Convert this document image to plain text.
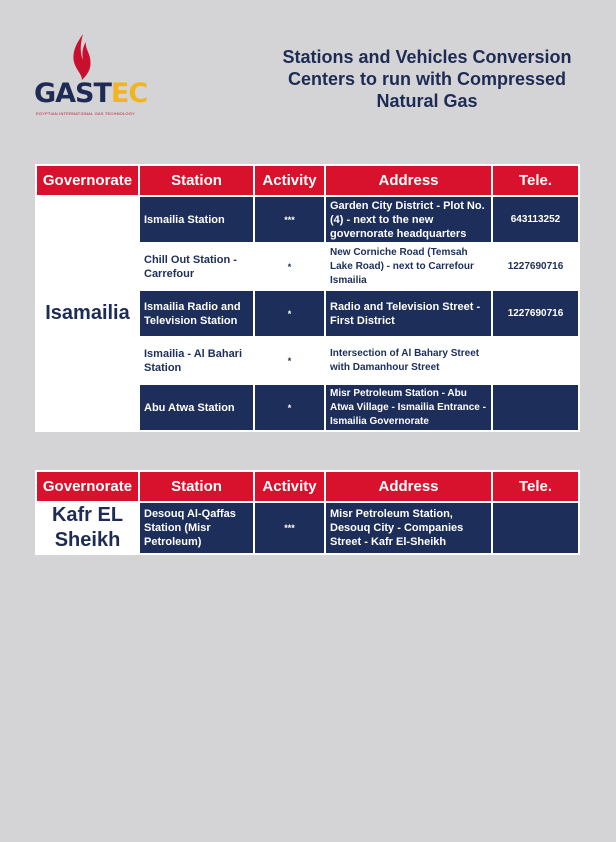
GASTEC
EGYPTIAN INTERNATIONAL GAS TECHNOLOGY
Stations and Vehicles Conversion
Centers to run with Compressed
Natural Gas
Governorate	Station	Activity	Address	Tele.
Isamailia	Ismailia Station	***	Garden City District - Plot No. (4) - next to the new governorate headquarters	643113252
	Chill Out Station - Carrefour	*	New Corniche Road (Temsah Lake Road) - next to Carrefour Ismailia	1227690716
	Ismailia Radio and Television Station	*	Radio and Television Street - First District	1227690716
	Ismailia - Al Bahari Station	*	Intersection of Al Bahary Street with Damanhour Street	
	Abu Atwa Station	*	Misr Petroleum Station - Abu Atwa Village - Ismailia Entrance - Ismailia Governorate	
Governorate	Station	Activity	Address	Tele.
Kafr EL Sheikh	Desouq Al-Qaffas Station (Misr Petroleum)	***	Misr Petroleum Station, Desouq City - Companies Street - Kafr El-Sheikh	
